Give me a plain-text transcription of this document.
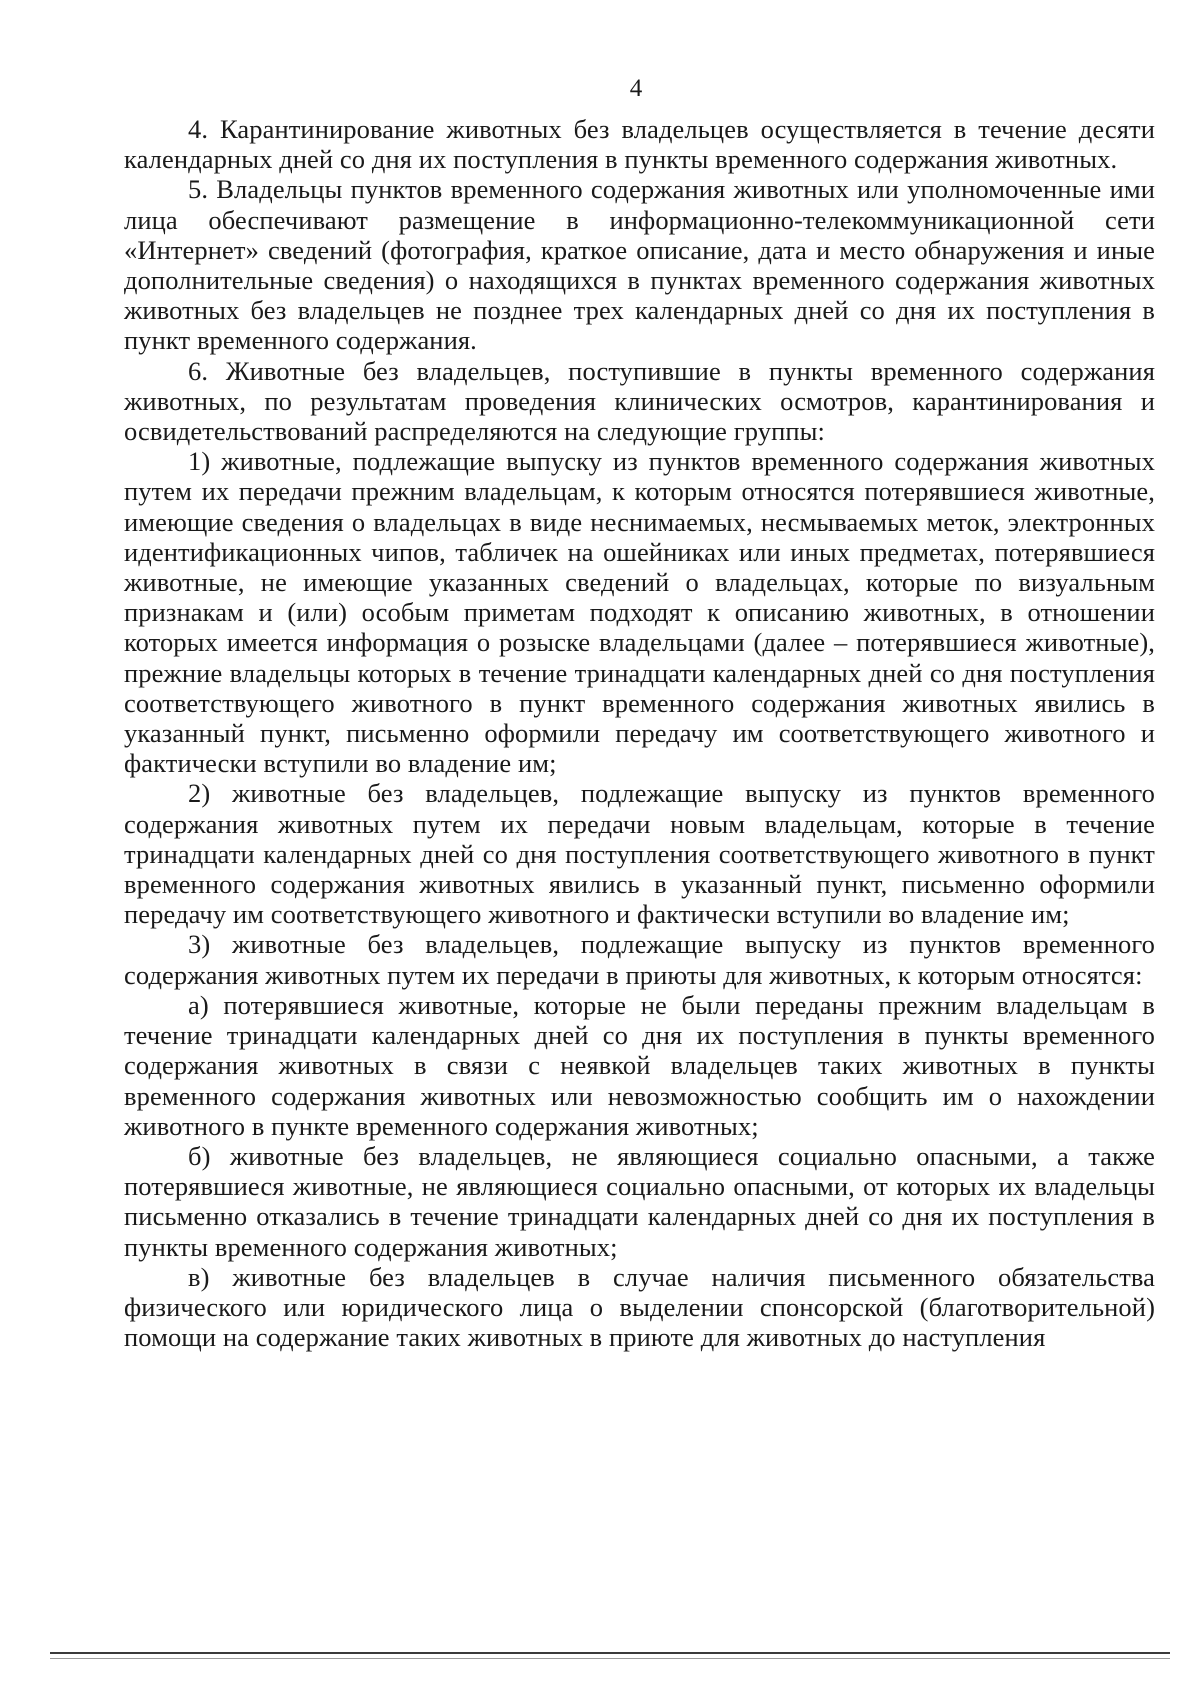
4

4. Карантинирование животных без владельцев осуществляется в течение десяти календарных дней со дня их поступления в пункты временного содержания животных.

5. Владельцы пунктов временного содержания животных или уполномоченные ими лица обеспечивают размещение в информационно-телекоммуникационной сети «Интернет» сведений (фотография, краткое описание, дата и место обнаружения и иные дополнительные сведения) о находящихся в пунктах временного содержания животных животных без владельцев не позднее трех календарных дней со дня их поступления в пункт временного содержания.

6. Животные без владельцев, поступившие в пункты временного содержания животных, по результатам проведения клинических осмотров, карантинирования и освидетельствований распределяются на следующие группы:

1) животные, подлежащие выпуску из пунктов временного содержания животных путем их передачи прежним владельцам, к которым относятся потерявшиеся животные, имеющие сведения о владельцах в виде неснимаемых, несмываемых меток, электронных идентификационных чипов, табличек на ошейниках или иных предметах, потерявшиеся животные, не имеющие указанных сведений о владельцах, которые по визуальным признакам и (или) особым приметам подходят к описанию животных, в отношении которых имеется информация о розыске владельцами (далее – потерявшиеся животные), прежние владельцы которых в течение тринадцати календарных дней со дня поступления соответствующего животного в пункт временного содержания животных явились в указанный пункт, письменно оформили передачу им соответствующего животного и фактически вступили во владение им;

2) животные без владельцев, подлежащие выпуску из пунктов временного содержания животных путем их передачи новым владельцам, которые в течение тринадцати календарных дней со дня поступления соответствующего животного в пункт временного содержания животных явились в указанный пункт, письменно оформили передачу им соответствующего животного и фактически вступили во владение им;

3) животные без владельцев, подлежащие выпуску из пунктов временного содержания животных путем их передачи в приюты для животных, к которым относятся:

а) потерявшиеся животные, которые не были переданы прежним владельцам в течение тринадцати календарных дней со дня их поступления в пункты временного содержания животных в связи с неявкой владельцев таких животных в пункты временного содержания животных или невозможностью сообщить им о нахождении животного в пункте временного содержания животных;

б) животные без владельцев, не являющиеся социально опасными, а также потерявшиеся животные, не являющиеся социально опасными, от которых их владельцы письменно отказались в течение тринадцати календарных дней со дня их поступления в пункты временного содержания животных;

в) животные без владельцев в случае наличия письменного обязательства физического или юридического лица о выделении спонсорской (благотворительной) помощи на содержание таких животных в приюте для животных до наступления
